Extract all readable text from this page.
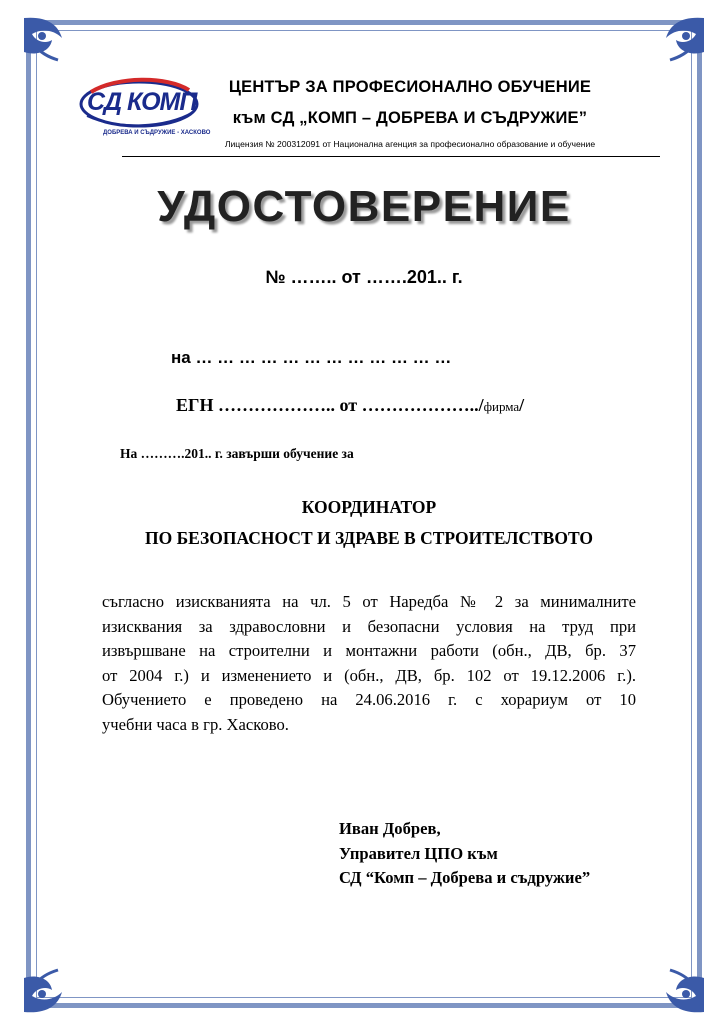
СД КОМП
ДОБРЕВА И СЪДРУЖИЕ - ХАСКОВО
ЦЕНТЪР ЗА ПРОФЕСИОНАЛНО ОБУЧЕНИЕ
към СД „КОМП – ДОБРЕВА И СЪДРУЖИЕ”
Лицензия № 200312091 от Национална агенция за професионално образование и обучение
УДОСТОВЕРЕНИЕ
№ …….. от …….201.. г.
на … … … … … … … … … … … …
ЕГН ……………….. от ………………../фирма/
На ……….201.. г. завърши обучение за
КООРДИНАТОР
ПО БЕЗОПАСНОСТ И ЗДРАВЕ В СТРОИТЕЛСТВОТО
съгласно изискванията на чл. 5 от Наредба № 2 за минималните
изисквания за здравословни и безопасни условия на труд при
извършване на строителни и монтажни работи (обн., ДВ, бр. 37
от 2004 г.) и изменението и (обн., ДВ, бр. 102 от 19.12.2006 г.).
Обучението е проведено на 24.06.2016 г. с хорариум от 10
учебни часа в гр. Хасково.
Иван Добрев,
Управител ЦПО към
СД “Комп – Добрева и съдружие”
